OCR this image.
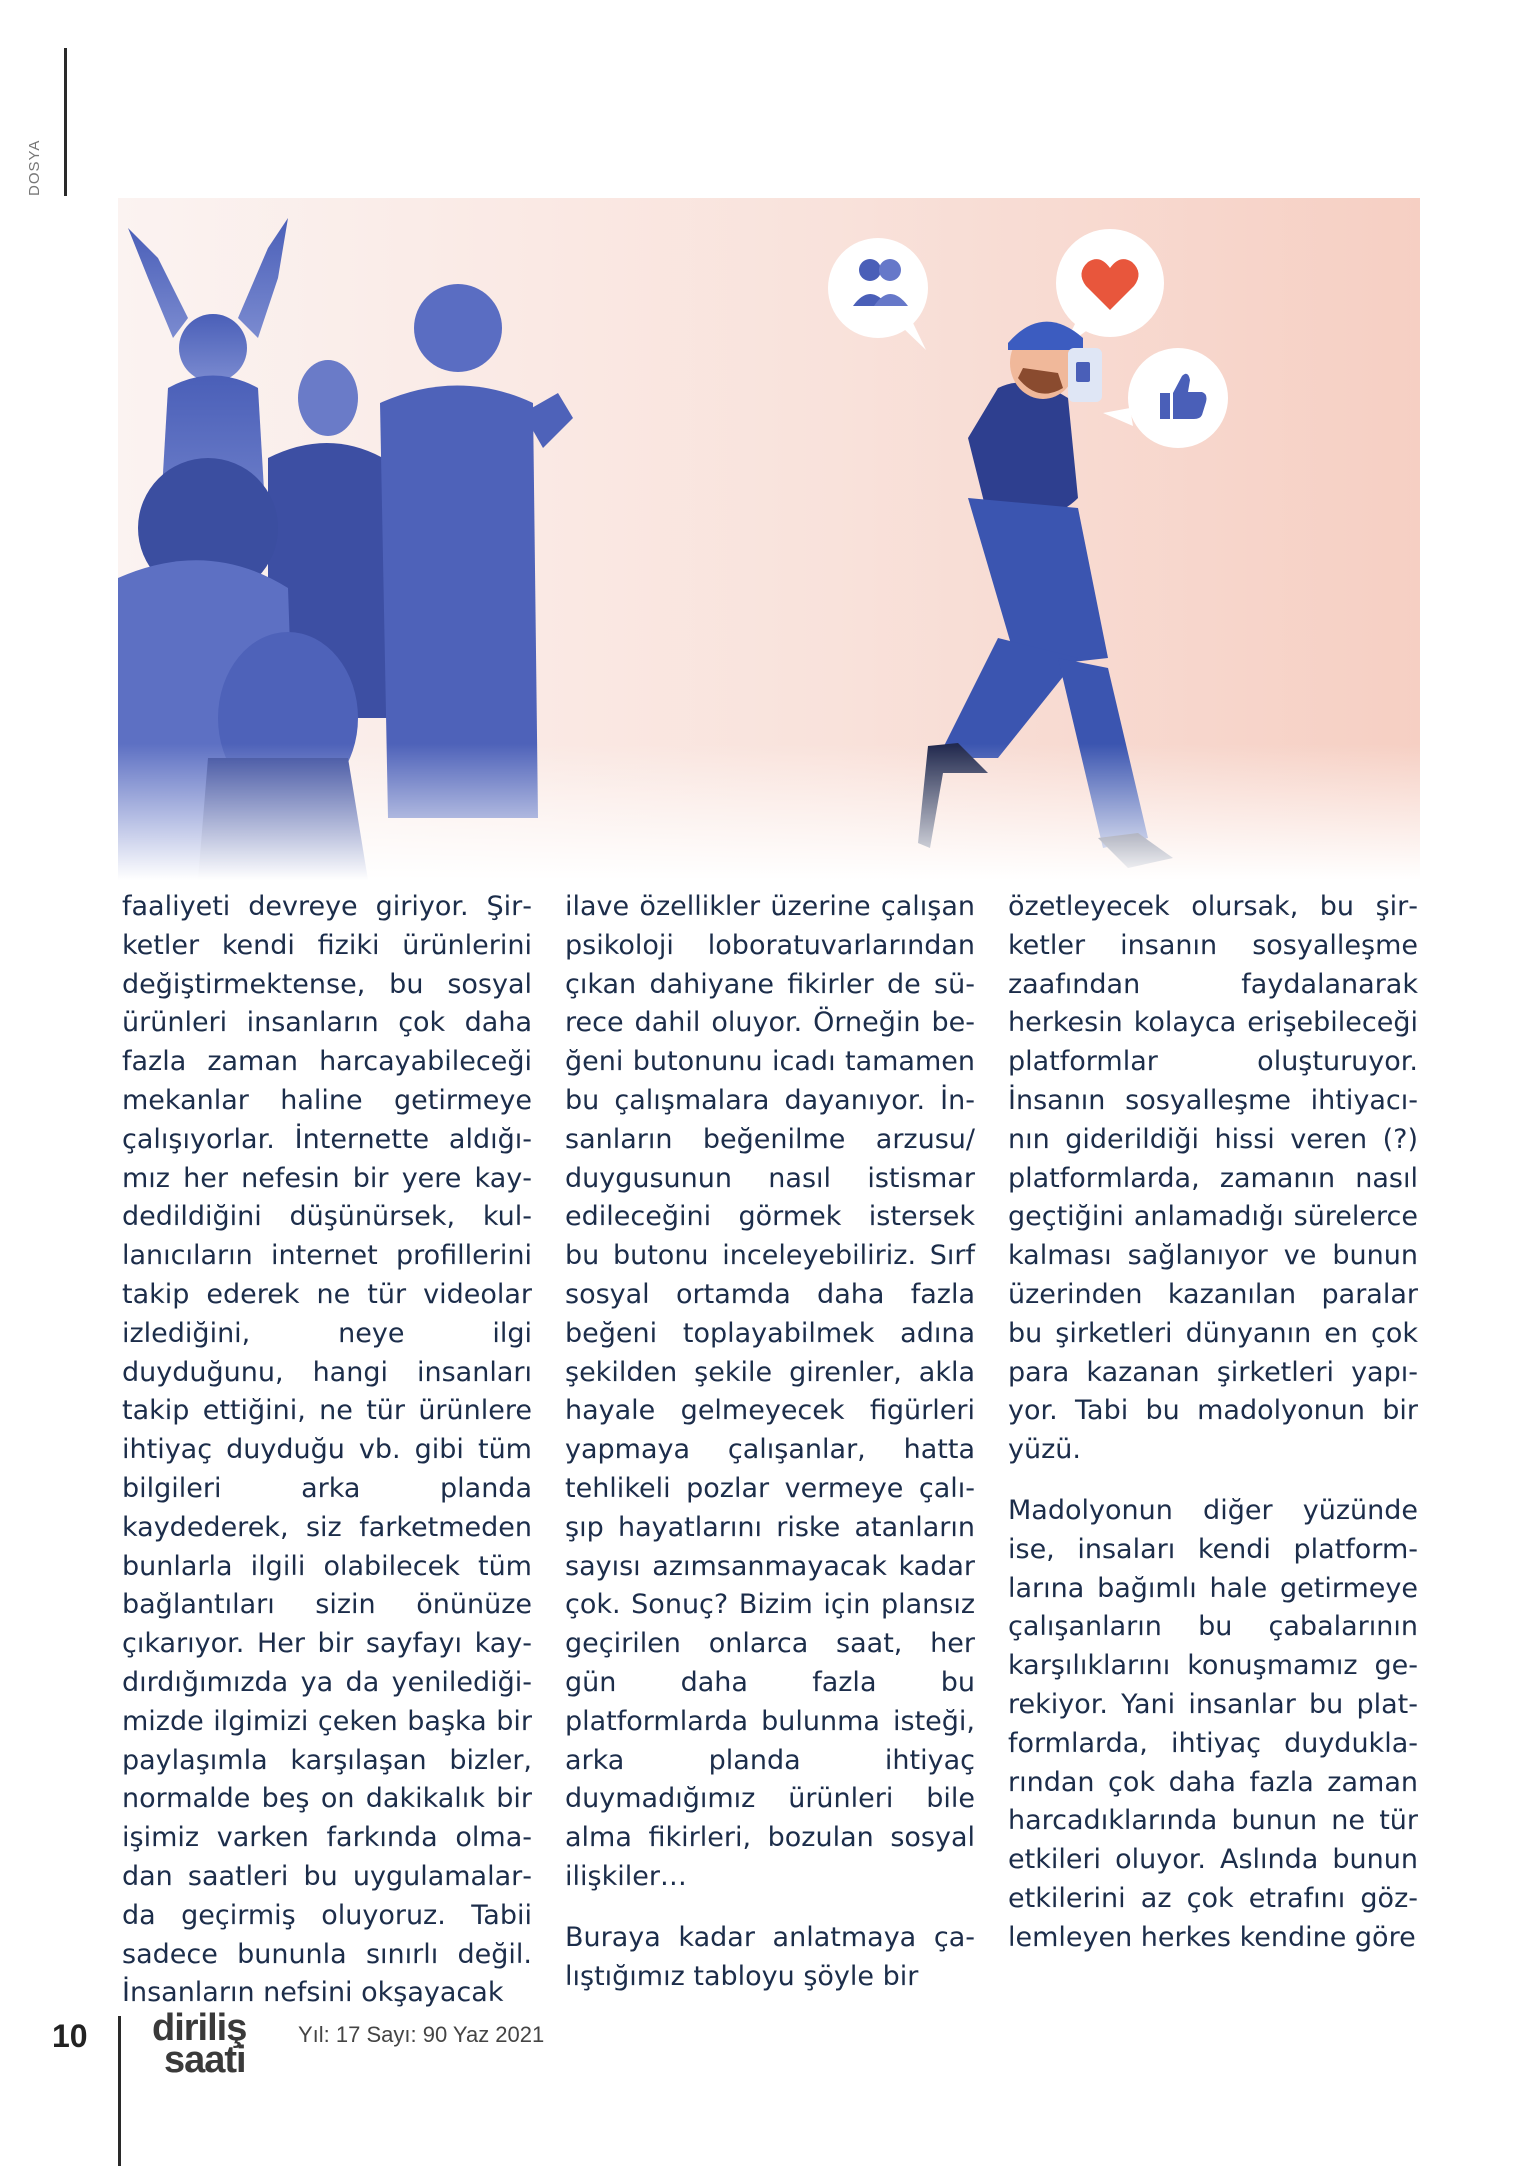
DOSYA

faaliyeti devreye giriyor. Şirketler kendi fiziki ürünlerini değiştirmektense, bu sosyal ürünleri insanların çok daha fazla zaman harcayabileceği mekanlar haline getirmeye çalışıyorlar. İnternette aldığımız her nefesin bir yere kaydedildiğini düşünürsek, kullanıcıların internet profillerini takip ederek ne tür videolar izlediğini, neye ilgi duyduğunu, hangi insanları takip ettiğini, ne tür ürünlere ihtiyaç duyduğu vb. gibi tüm bilgileri arka planda kaydederek, siz farketmeden bunlarla ilgili olabilecek tüm bağlantıları sizin önünüze çıkarıyor. Her bir sayfayı kaydırdığımızda ya da yenilediğimizde ilgimizi çeken başka bir paylaşımla karşılaşan bizler, normalde beş on dakikalık bir işimiz varken farkında olmadan saatleri bu uygulamalarda geçirmiş oluyoruz. Tabii sadece bununla sınırlı değil. İnsanların nefsini okşayacak

ilave özellikler üzerine çalışan psikoloji loboratuvarlarından çıkan dahiyane fikirler de sürece dahil oluyor. Örneğin beğeni butonunu icadı tamamen bu çalışmalara dayanıyor. İnsanların beğenilme arzusu/ duygusunun nasıl istismar edileceğini görmek istersek bu butonu inceleyebiliriz. Sırf sosyal ortamda daha fazla beğeni toplayabilmek adına şekilden şekile girenler, akla hayale gelmeyecek figürleri yapmaya çalışanlar, hatta tehlikeli pozlar vermeye çalışıp hayatlarını riske atanların sayısı azımsanmayacak kadar çok. Sonuç? Bizim için plansız geçirilen onlarca saat, her gün daha fazla bu platformlarda bulunma isteği, arka planda ihtiyaç duymadığımız ürünleri bile alma fikirleri, bozulan sosyal ilişkiler…

Buraya kadar anlatmaya çalıştığımız tabloyu şöyle bir

özetleyecek olursak, bu şirketler insanın sosyalleşme zaafından faydalanarak herkesin kolayca erişebileceği platformlar oluşturuyor. İnsanın sosyalleşme ihtiyacının giderildiği hissi veren (?) platformlarda, zamanın nasıl geçtiğini anlamadığı sürelerce kalması sağlanıyor ve bunun üzerinden kazanılan paralar bu şirketleri dünyanın en çok para kazanan şirketleri yapıyor. Tabi bu madolyonun bir yüzü.

Madolyonun diğer yüzünde ise, insaları kendi platformlarına bağımlı hale getirmeye çalışanların bu çabalarının karşılıklarını konuşmamız gerekiyor. Yani insanlar bu platformlarda, ihtiyaç duyduklarından çok daha fazla zaman harcadıklarında bunun ne tür etkileri oluyor. Aslında bunun etkilerini az çok etrafını gözlemleyen herkes kendine göre

10 diriliş
saati
Yıl: 17 Sayı: 90 Yaz 2021
